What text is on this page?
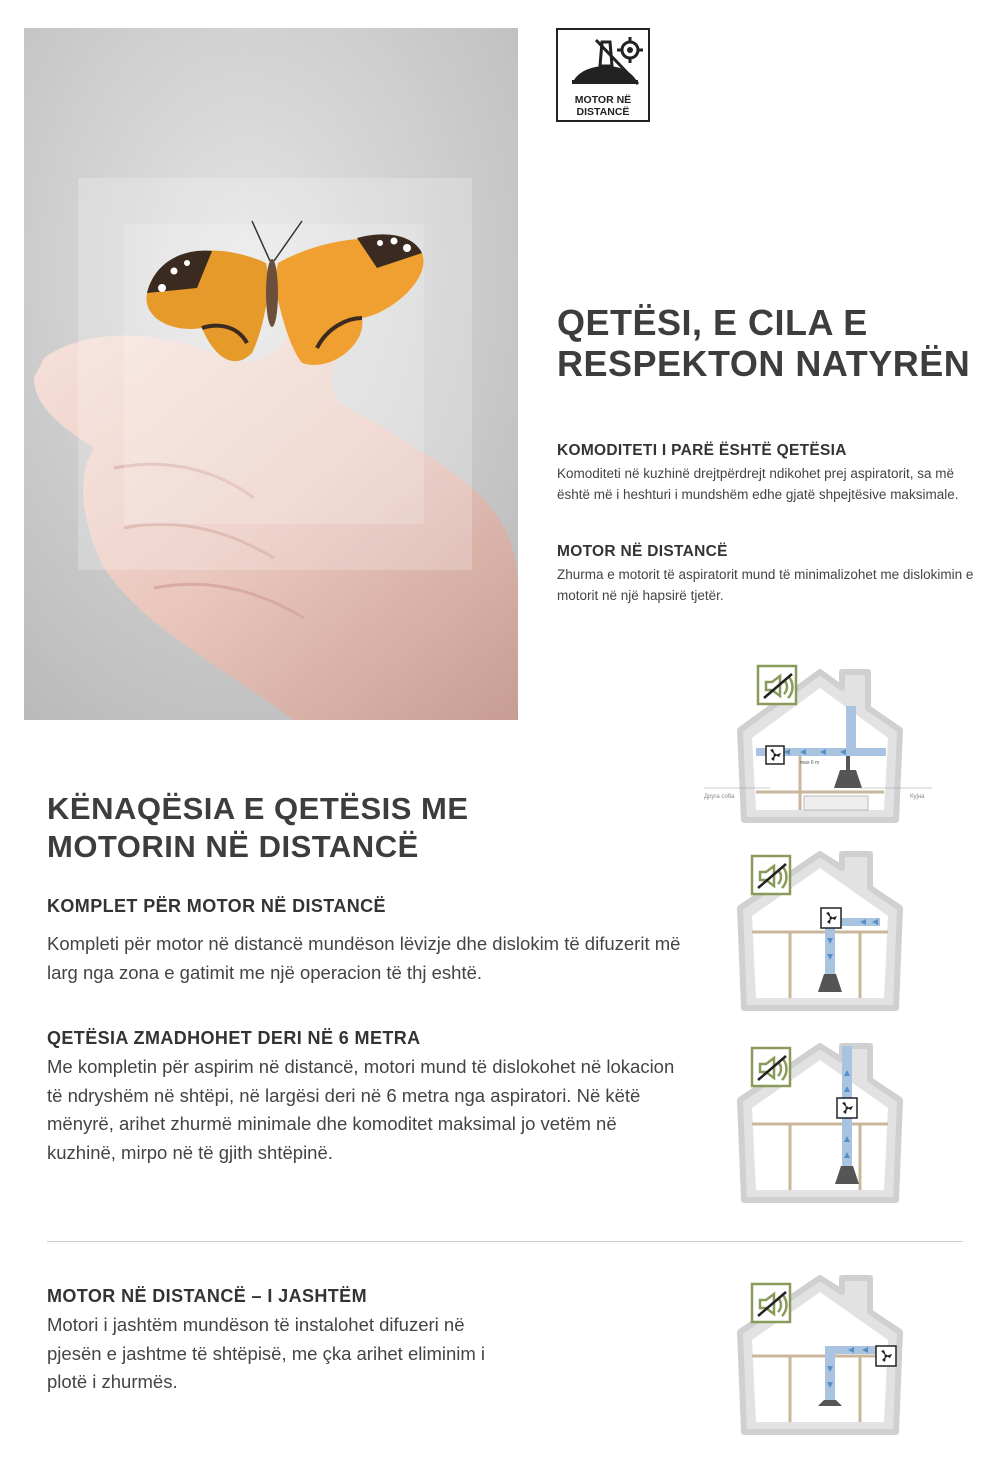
MOTOR NË DISTANCË
QETËSI, E CILA E RESPEKTON NATYRËN
KOMODITETI I PARË ËSHTË QETËSIA
Komoditeti në kuzhinë drejtpërdrejt ndikohet prej aspiratorit, sa më është më i heshturi i mundshëm edhe gjatë shpejtësive maksimale.
MOTOR NË DISTANCË
Zhurma e motorit të aspiratorit mund të minimalizohet me dislokimin e motorit në një hapsirë tjetër.
KËNAQËSIA E QETËSIS ME MOTORIN NË DISTANCË
KOMPLET PËR MOTOR NË DISTANCË
Kompleti për motor në distancë mundëson lëvizje dhe dislokim të difuzerit më larg nga zona e gatimit me një operacion të thj eshtë.
QETËSIA ZMADHOHET DERI NË 6 METRA
Me kompletin për aspirim në distancë, motori mund të dislokohet në lokacion të ndryshëm në shtëpi, në largësi deri në 6 metra nga aspiratori. Në këtë mënyrë, arihet zhurmë minimale dhe komoditet maksimal jo vetëm në kuzhinë, mirpo në të gjith shtëpinë.
MOTOR NË DISTANCË – I JASHTËM
Motori i jashtëm mundëson të instalohet difuzeri në pjesën e jashtme të shtëpisë, me çka arihet eliminim i plotë i zhurmës.
max 6 m
Друга соба	Кујна
